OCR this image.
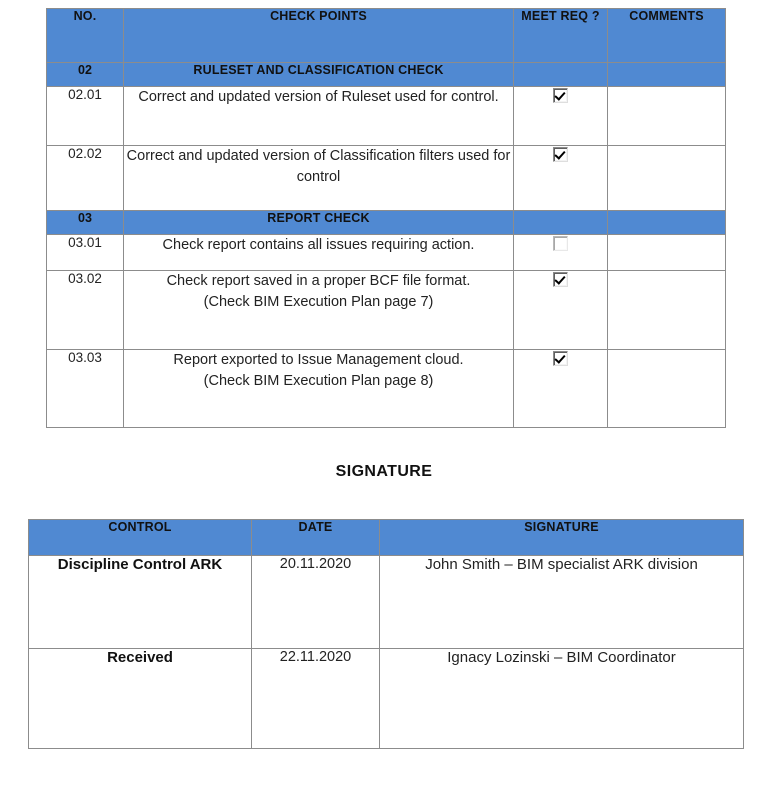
NO.	CHECK POINTS	MEET REQ ?	COMMENTS
02	RULESET AND CLASSIFICATION CHECK		
02.01	Correct and updated version of Ruleset used for control.		
02.02	Correct and updated version of Classification filters used for control		
03	REPORT CHECK		
03.01	Check report contains all issues requiring action.		
03.02	Check report saved in a proper BCF file format.
(Check BIM Execution Plan page 7)		

03.03	Report exported to Issue Management cloud.
(Check BIM Execution Plan page 8)		

SIGNATURE
CONTROL	DATE	SIGNATURE
Discipline Control ARK	20.11.2020	John Smith – BIM specialist ARK division
Received	22.11.2020	Ignacy Lozinski – BIM Coordinator
